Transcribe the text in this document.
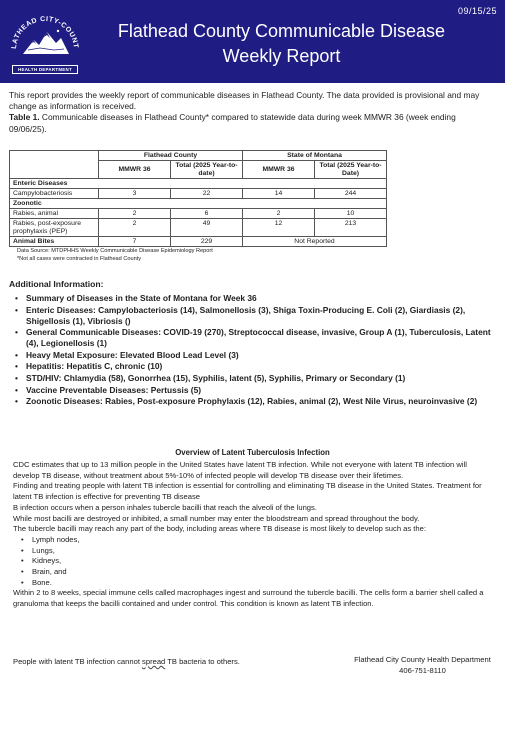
LATHEAD CITY-COUNT
HEALTH DEPARTMENT
09/15/25
Flathead County Communicable Disease
Weekly Report

This report provides the weekly report of communicable diseases in Flathead County. The data provided is provisional and may change as information is received.

Table 1. Communicable diseases in Flathead County* compared to statewide data during week MMWR 36 (week ending 09/06/25).

	Flathead County		State of Montana	
	MMWR 36	Total (2025 Year-to-date)	MMWR 36	Total (2025 Year-to-Date)
Enteric Diseases				
Campylobacteriosis	3	22	14	244
Zoonotic				
Rabies, animal	2	6	2	10
Rabies, post-exposure prophylaxis (PEP)	2	49	12	213
Animal Bites	7	229	Not Reported	
Data Source: MTDPHHS Weekly Communicable Disease Epidemiology Report
*Not all cases were contracted in Flathead County
Additional Information:
• Summary of Diseases in the State of Montana for Week 36
• Enteric Diseases: Campylobacteriosis (14), Salmonellosis (3), Shiga Toxin-Producing E. Coli (2), Giardiasis (2), Shigellosis (1), Vibriosis ()
• General Communicable Diseases: COVID-19 (270), Streptococcal disease, invasive, Group A (1), Tuberculosis, Latent (4), Legionellosis (1)
• Heavy Metal Exposure: Elevated Blood Lead Level (3)
• Hepatitis: Hepatitis C, chronic (10)
• STD/HIV: Chlamydia (58), Gonorrhea (15), Syphilis, latent (5), Syphilis, Primary or Secondary (1)
• Vaccine Preventable Diseases: Pertussis (5)
• Zoonotic Diseases: Rabies, Post-exposure Prophylaxis (12), Rabies, animal (2), West Nile Virus, neuroinvasive (2)
Overview of Latent Tuberculosis Infection

CDC estimates that up to 13 million people in the United States have latent TB infection. While not everyone with latent TB infection will develop TB disease, without treatment about 5%-10% of infected people will develop TB disease over their lifetimes.

Finding and treating people with latent TB infection is essential for controlling and eliminating TB disease in the United States. Treatment for latent TB infection is effective for preventing TB disease

B infection occurs when a person inhales tubercle bacilli that reach the alveoli of the lungs.

While most bacilli are destroyed or inhibited, a small number may enter the bloodstream and spread throughout the body.

The tubercle bacilli may reach any part of the body, including areas where TB disease is most likely to develop such as the:

• Lymph nodes,
• Lungs,
• Kidneys,
• Brain, and
• Bone.

Within 2 to 8 weeks, special immune cells called macrophages ingest and surround the tubercle bacilli. The cells form a barrier shell called a granuloma that keeps the bacilli contained and under control. This condition is known as latent TB infection.

People with latent TB infection cannot spread TB bacteria to others.	Flathead City County Health Department
406-751-8110
